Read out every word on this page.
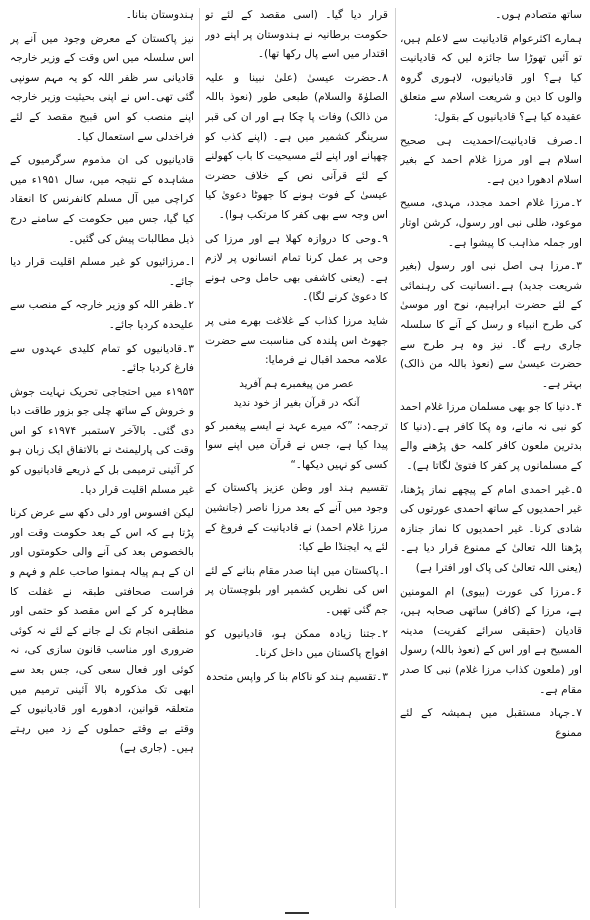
ساتھ متصادم ہوں۔

ہمارے اکثرعوام قادیانیت سے لاعلم ہیں، تو آئیں تھوڑا سا جائزہ لیں کہ قادیانیت کیا ہے؟ اور قادیانیوں، لاہوری گروہ والوں کا دین و شریعت اسلام سے متعلق عقیدہ کیا ہے؟ قادیانیوں کے بقول:

ا۔صرف قادیانیت/احمدیت ہی صحیح اسلام ہے اور مرزا غلام احمد کے بغیر اسلام ادھورا دین ہے۔

۲۔مرزا غلام احمد مجدد، مہدی، مسیح موعود، ظلی نبی اور رسول، کرشن اوتار اور جملہ مذاہب کا پیشوا ہے۔

۳۔مرزا ہی اصل نبی اور رسول (بغیر شریعت جدید) ہے۔انسانیت کی رہنمائی کے لئے حضرت ابراہیم، نوح اور موسیٰ کی طرح انبیاء و رسل کے آنے کا سلسلہ جاری رہے گا۔ نیز وہ ہر طرح سے حضرت عیسیٰ سے (نعوذ باللہ من ذالک) بہتر ہے۔

۴۔دنیا کا جو بھی مسلمان مرزا غلام احمد کو نبی نہ مانے، وہ پکا کافر ہے۔(دنیا کا بدترین ملعون کافر کلمہ حق پڑھنے والے کے مسلمانوں پر کفر کا فتویٰ لگاتا ہے)۔

۵۔غیر احمدی امام کے پیچھے نماز پڑھنا، غیر احمدیوں کے ساتھ احمدی عورتوں کی شادی کرنا۔ غیر احمدیوں کا نماز جنازہ پڑھنا اللہ تعالیٰ کے ممنوع قرار دیا ہے۔(یعنی اللہ تعالیٰ کی پاک اور افترا ہے)

۶۔مرزا کی عورت (بیوی) ام المومنین ہے، مرزا کے (کافر) ساتھی صحابہ ہیں، قادیان (حقیقی سرائے کفریت) مدینہ المسیح ہے اور اس کے (نعوذ باللہ) رسول اور (ملعون کذاب مرزا غلام) نبی کا صدر مقام ہے۔

۷۔جہاد مستقبل میں ہمیشہ کے لئے ممنوع

قرار دیا گیا۔ (اسی مقصد کے لئے تو حکومت برطانیہ نے ہندوستان پر اپنے دور اقتدار میں اسے پال رکھا تھا)۔

۸۔حضرت عیسیٰ (علیٰ نبینا و علیہ الصلوٰۃ والسلام) طبعی طور (نعوذ باللہ من ذالک) وفات پا چکا ہے اور ان کی قبر سرینگر کشمیر میں ہے۔ (اپنے کذب کو چھپانے اور اپنے لئے مسیحیت کا باب کھولنے کے لئے قرآنی نص کے خلاف حضرت عیسیٰ کے فوت ہونے کا جھوٹا دعویٰ کیا اس وجہ سے بھی کفر کا مرتکب ہوا)۔

۹۔وحی کا دروازہ کھلا ہے اور مرزا کی وحی پر عمل کرنا تمام انسانوں پر لازم ہے۔ (یعنی کاشفی بھی حامل وحی ہونے کا دعویٰ کرنے لگا)۔

شاید مرزا کذاب کے غلاغت بھرے منی پر جھوٹ اس پلندہ کی مناسبت سے حضرت علامہ محمد اقبال نے فرمایا:

عصر من پیغمبرے ہم آفرید
آنکہ در قرآن بغیر از خود ندید

ترجمہ: ”کہ میرے عہد نے ایسے پیغمبر کو پیدا کیا ہے، جس نے قرآن میں اپنے سوا کسی کو نہیں دیکھا۔“

تقسیم ہند اور وطن عزیز پاکستان کے وجود میں آنے کے بعد مرزا ناصر (جانشین مرزا غلام احمد) نے قادیانیت کے فروغ کے لئے یہ ایجنڈا طے کیا:

ا۔پاکستان میں اپنا صدر مقام بنانے کے لئے اس کی نظریں کشمیر اور بلوچستان پر جم گئی تھیں۔

۲۔جتنا زیادہ ممکن ہو، قادیانیوں کو افواج پاکستان میں داخل کرنا۔

۳۔تقسیم ہند کو ناکام بنا کر واپس متحدہ

ہندوستان بنانا۔

نیز پاکستان کے معرض وجود میں آنے پر اس سلسلہ میں اس وقت کے وزیر خارجہ قادیانی سر ظفر اللہ کو یہ مہم سونپی گئی تھی۔اس نے اپنی بحیثیت وزیر خارجہ اپنے منصب کو اس قبیح مقصد کے لئے فراخدلی سے استعمال کیا۔

قادیانیوں کی ان مذموم سرگرمیوں کے مشاہدہ کے نتیجہ میں، سال ۱۹۵۱ء میں کراچی میں آل مسلم کانفرنس کا انعقاد کیا گیا، جس میں حکومت کے سامنے درج ذیل مطالبات پیش کی گئیں۔

ا۔مرزائیوں کو غیر مسلم اقلیت قرار دیا جائے۔

۲۔ظفر اللہ کو وزیر خارجہ کے منصب سے علیحدہ کردیا جائے۔

۳۔قادیانیوں کو تمام کلیدی عہدوں سے فارغ کردیا جائے۔

۱۹۵۳ء میں احتجاجی تحریک نہایت جوش و خروش کے ساتھ چلی جو بزور طاقت دبا دی گئی۔ بالآخر ۷ستمبر ۱۹۷۴ء کو اس وقت کی پارلیمنٹ نے بالاتفاق ایک زبان ہو کر آئینی ترمیمی بل کے ذریعے قادیانیوں کو غیر مسلم اقلیت قرار دیا۔

لیکن افسوس اور دلی دکھ سے عرض کرنا پڑتا ہے کہ اس کے بعد حکومت وقت اور بالخصوص بعد کی آنے والی حکومتوں اور ان کے ہم پیالہ ہمنوا صاحب علم و فہم و فراست صحافتی طبقہ نے غفلت کا مظاہرہ کر کے اس مقصد کو حتمی اور منطقی انجام تک لے جانے کے لئے نہ کوئی ضروری اور مناسب قانون سازی کی، نہ کوئی اور فعال سعی کی، جس بعد سے ابھی تک مذکورہ بالا آئینی ترمیم میں متعلقہ قوانین، ادھورے اور قادیانیوں کے وقتے بے وقتے حملوں کے زد میں رہتے ہیں۔ (جاری ہے)
